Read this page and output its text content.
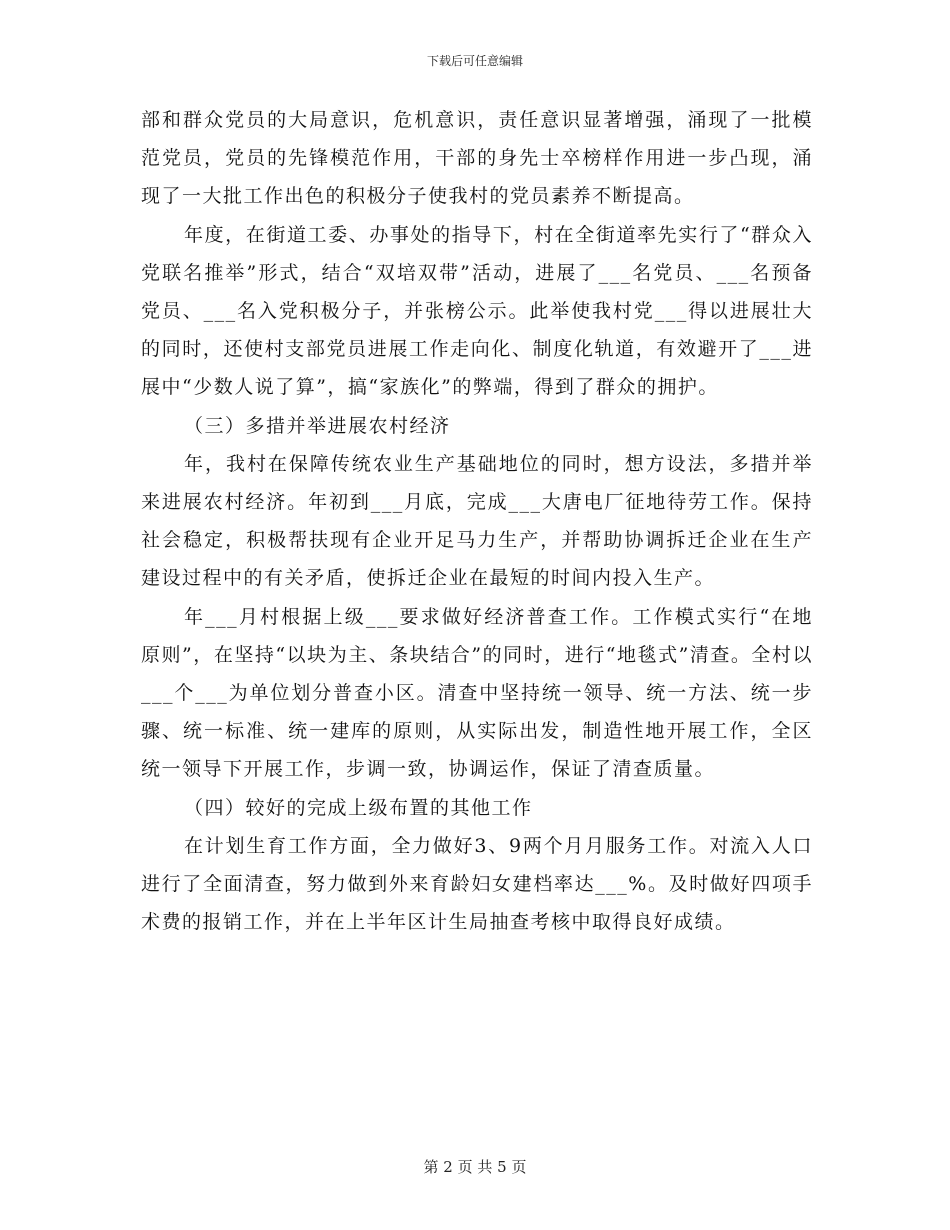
下载后可任意编辑

部和群众党员的大局意识，危机意识，责任意识显著增强，涌现了一批模范党员，党员的先锋模范作用，干部的身先士卒榜样作用进一步凸现，涌现了一大批工作出色的积极分子使我村的党员素养不断提高。

年度，在街道工委、办事处的指导下，村在全街道率先实行了“群众入党联名推举”形式，结合“双培双带”活动，进展了___名党员、___名预备党员、___名入党积极分子，并张榜公示。此举使我村党___得以进展壮大的同时，还使村支部党员进展工作走向化、制度化轨道，有效避开了___进展中“少数人说了算”，搞“家族化”的弊端，得到了群众的拥护。

（三）多措并举进展农村经济

年，我村在保障传统农业生产基础地位的同时，想方设法，多措并举来进展农村经济。年初到___月底，完成___大唐电厂征地待劳工作。保持社会稳定，积极帮扶现有企业开足马力生产，并帮助协调拆迁企业在生产建设过程中的有关矛盾，使拆迁企业在最短的时间内投入生产。

年___月村根据上级___要求做好经济普查工作。工作模式实行“在地原则”，在坚持“以块为主、条块结合”的同时，进行“地毯式”清查。全村以___个___为单位划分普查小区。清查中坚持统一领导、统一方法、统一步骤、统一标准、统一建库的原则，从实际出发，制造性地开展工作，全区统一领导下开展工作，步调一致，协调运作，保证了清查质量。

（四）较好的完成上级布置的其他工作

在计划生育工作方面，全力做好3、9两个月月服务工作。对流入人口进行了全面清查，努力做到外来育龄妇女建档率达___%。及时做好四项手术费的报销工作，并在上半年区计生局抽查考核中取得良好成绩。

第 2 页 共 5 页
